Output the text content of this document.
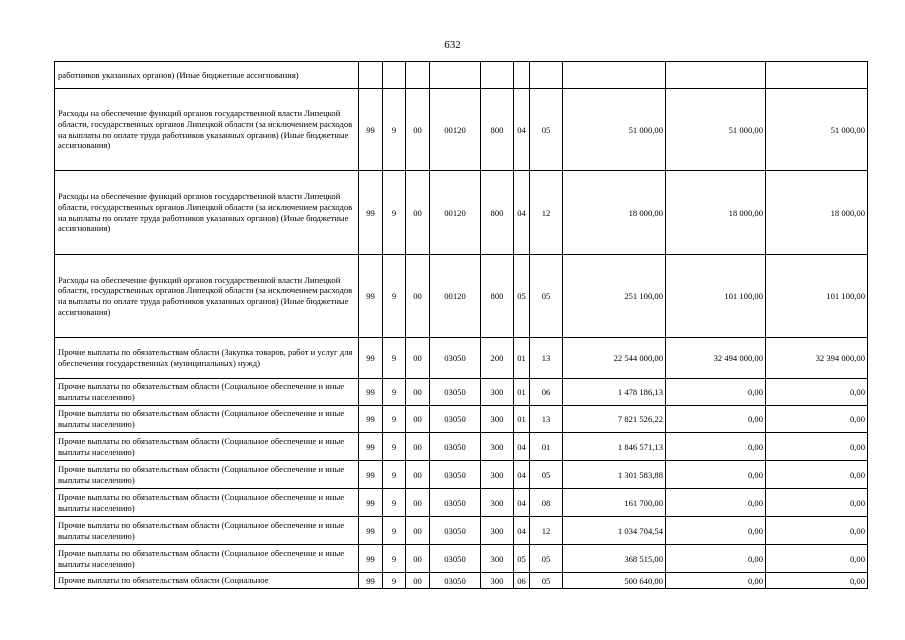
632
работников указанных органов) (Иные бюджетные ассигнования)										
Расходы на обеспечение функций органов государственной власти Липецкой области, государственных органов Липецкой области (за исключением расходов на выплаты по оплате труда работников указанных органов) (Иные бюджетные ассигнования)	99	9	00	00120	800	04	05	51 000,00	51 000,00	51 000,00
Расходы на обеспечение функций органов государственной власти Липецкой области, государственных органов Липецкой области (за исключением расходов на выплаты по оплате труда работников указанных органов) (Иные бюджетные ассигнования)	99	9	00	00120	800	04	12	18 000,00	18 000,00	18 000,00
Расходы на обеспечение функций органов государственной власти Липецкой области, государственных органов Липецкой области (за исключением расходов на выплаты по оплате труда работников указанных органов) (Иные бюджетные ассигнования)	99	9	00	00120	800	05	05	251 100,00	101 100,00	101 100,00
Прочие выплаты по обязательствам области (Закупка товаров, работ и услуг для обеспечения государственных (муниципальных) нужд)	99	9	00	03050	200	01	13	22 544 000,00	32 494 000,00	32 394 000,00
Прочие выплаты по обязательствам области (Социальное обеспечение и иные выплаты населению)	99	9	00	03050	300	01	06	1 478 186,13	0,00	0,00
Прочие выплаты по обязательствам области (Социальное обеспечение и иные выплаты населению)	99	9	00	03050	300	01	13	7 821 526,22	0,00	0,00
Прочие выплаты по обязательствам области (Социальное обеспечение и иные выплаты населению)	99	9	00	03050	300	04	01	1 846 571,13	0,00	0,00
Прочие выплаты по обязательствам области (Социальное обеспечение и иные выплаты населению)	99	9	00	03050	300	04	05	1 301 583,88	0,00	0,00
Прочие выплаты по обязательствам области (Социальное обеспечение и иные выплаты населению)	99	9	00	03050	300	04	08	161 700,00	0,00	0,00
Прочие выплаты по обязательствам области (Социальное обеспечение и иные выплаты населению)	99	9	00	03050	300	04	12	1 034 704,54	0,00	0,00
Прочие выплаты по обязательствам области (Социальное обеспечение и иные выплаты населению)	99	9	00	03050	300	05	05	368 515,00	0,00	0,00
Прочие выплаты по обязательствам области (Социальное	99	9	00	03050	300	06	05	500 640,00	0,00	0,00
